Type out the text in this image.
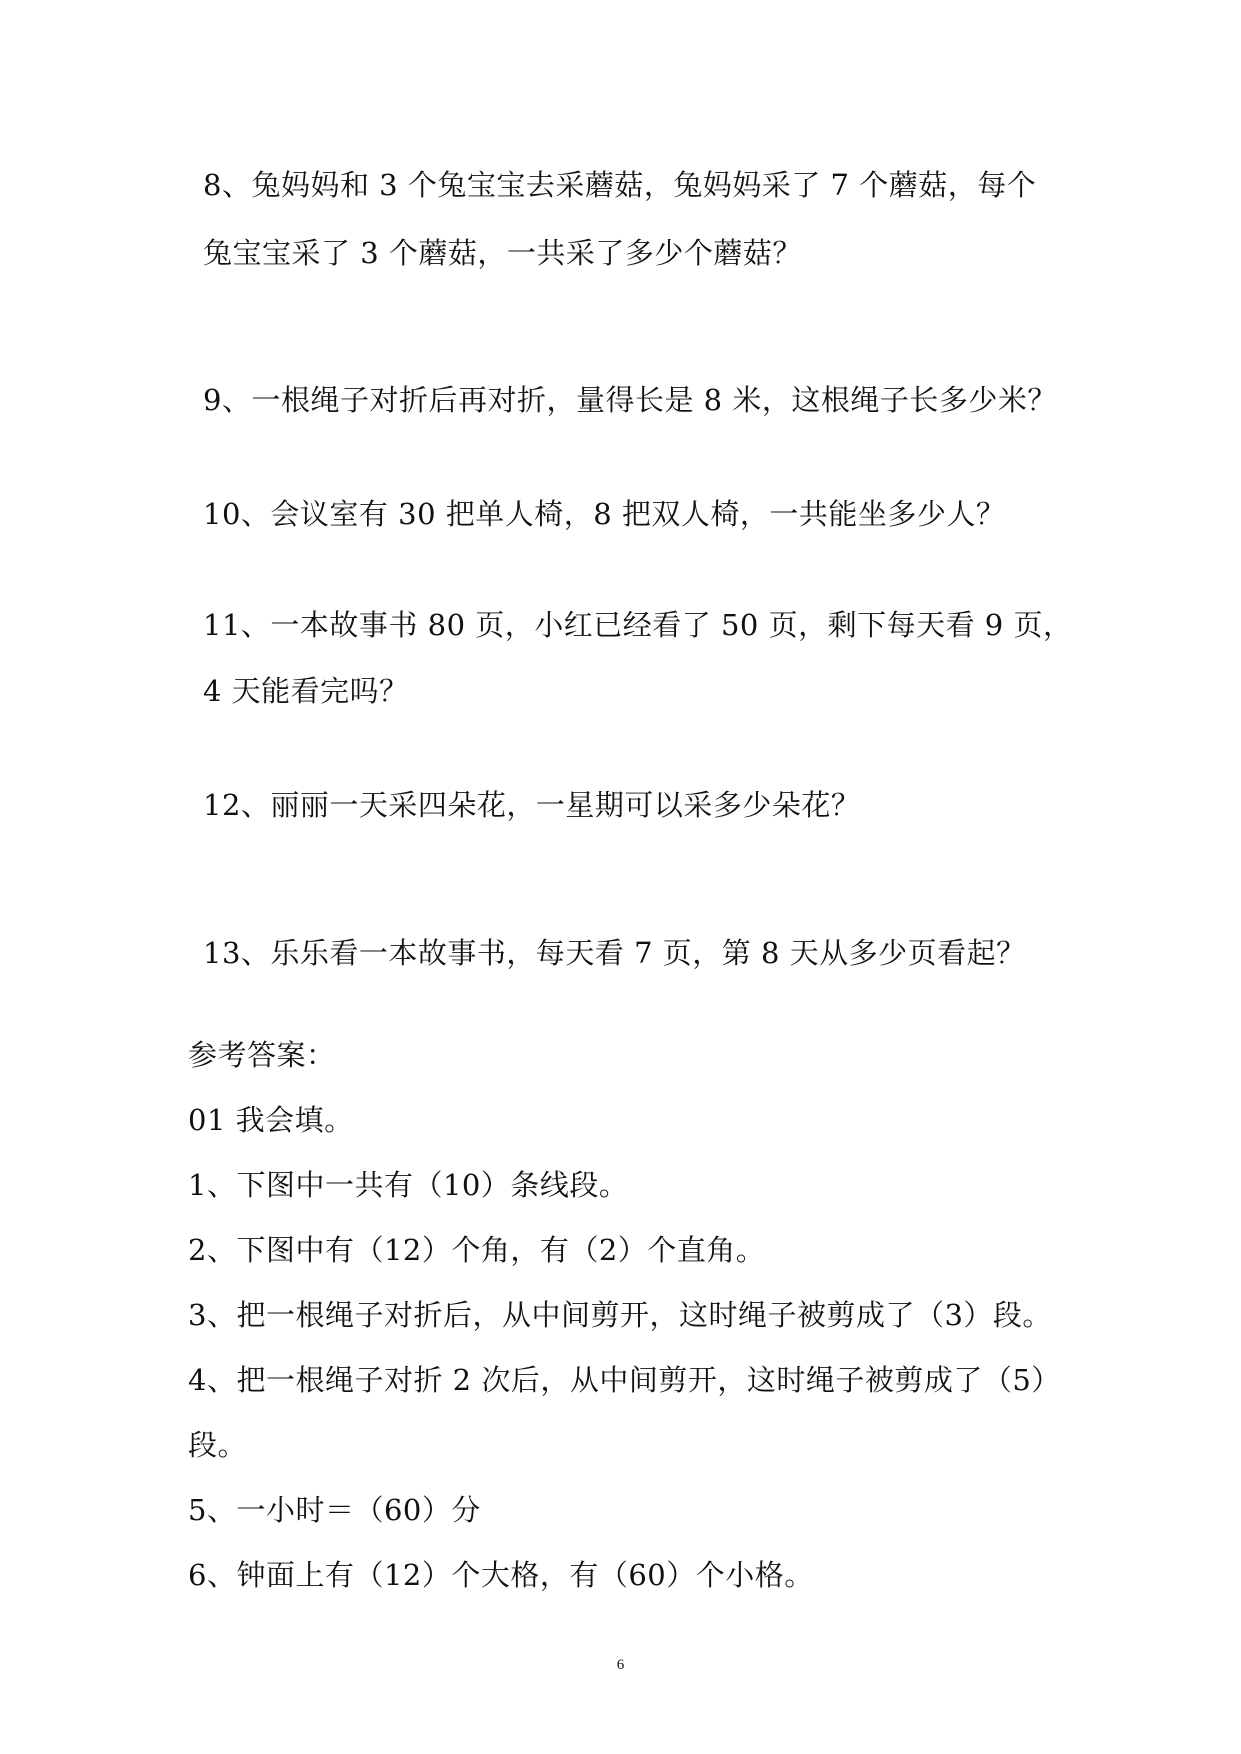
8、兔妈妈和 3 个兔宝宝去采蘑菇，兔妈妈采了 7 个蘑菇，每个
兔宝宝采了 3 个蘑菇，一共采了多少个蘑菇？
9、一根绳子对折后再对折，量得长是 8 米，这根绳子长多少米？
10、会议室有 30 把单人椅，8 把双人椅，一共能坐多少人？
11、一本故事书 80 页，小红已经看了 50 页，剩下每天看 9 页，
4 天能看完吗？
12、丽丽一天采四朵花，一星期可以采多少朵花？
13、乐乐看一本故事书，每天看 7 页，第 8 天从多少页看起？
参考答案：
01 我会填。
1、下图中一共有（10）条线段。
2、下图中有（12）个角，有（2）个直角。
3、把一根绳子对折后，从中间剪开，这时绳子被剪成了（3）段。
4、把一根绳子对折 2 次后，从中间剪开，这时绳子被剪成了（5）
段。
5、一小时＝（60）分
6、钟面上有（12）个大格，有（60）个小格。
6
